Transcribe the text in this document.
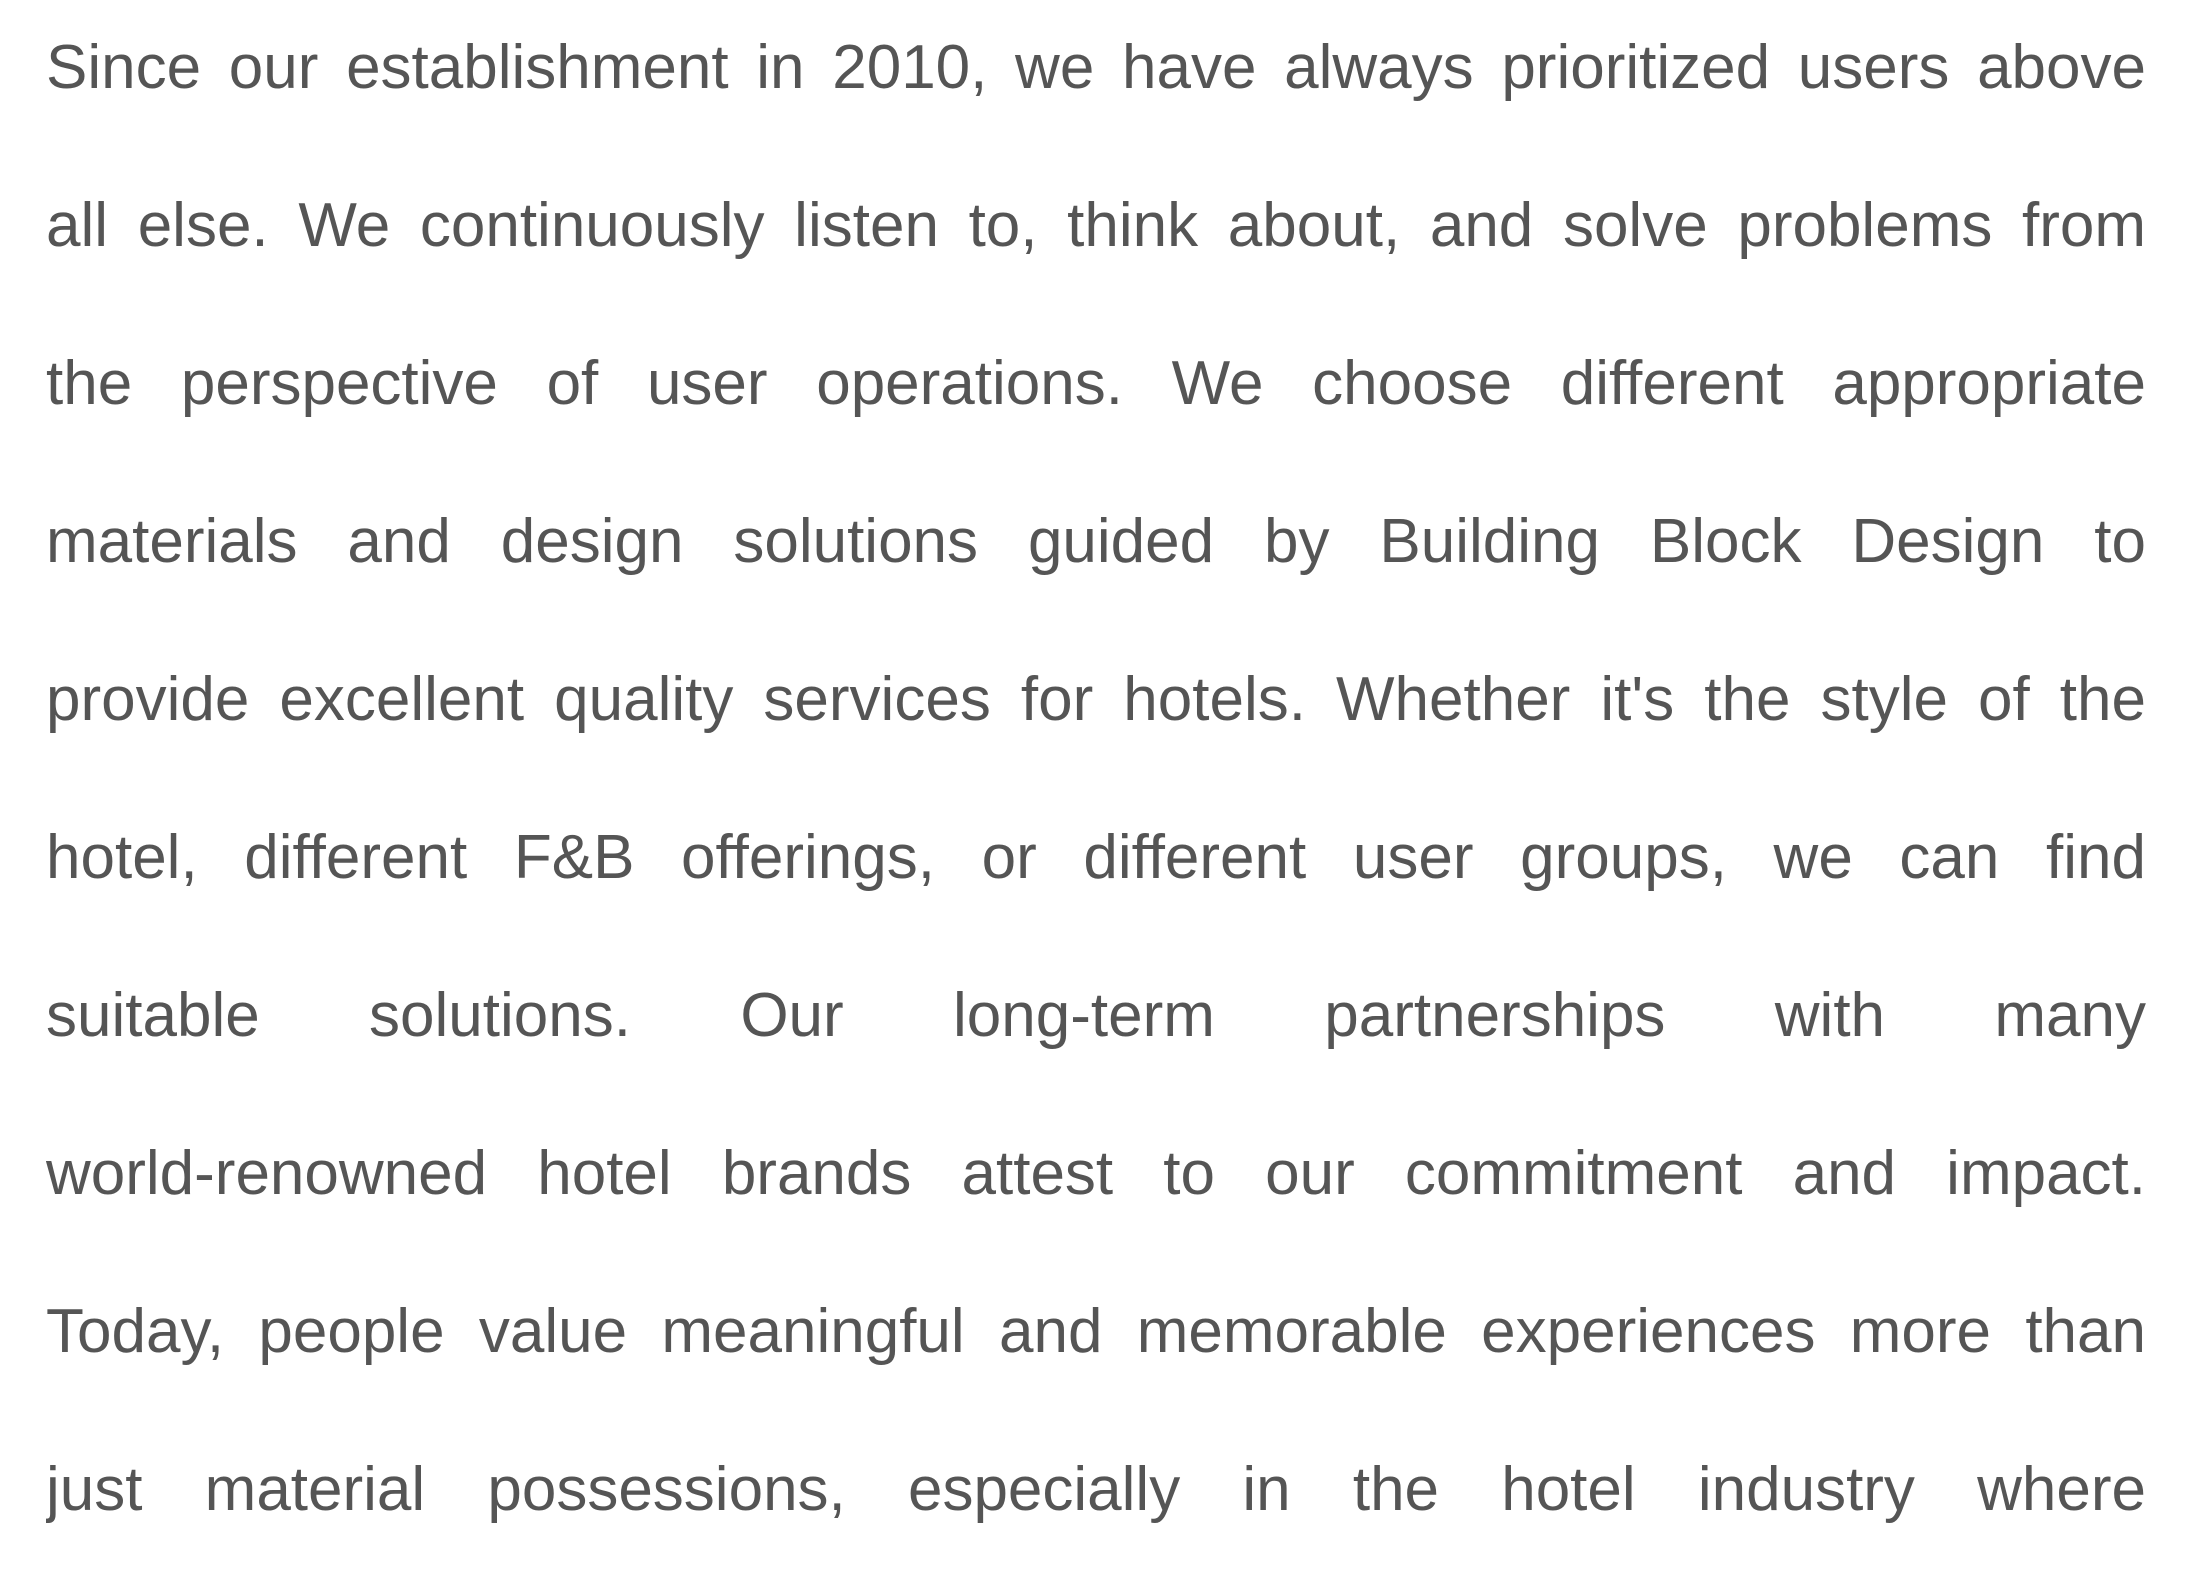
Since our establishment in 2010, we have always prioritized users above
all else. We continuously listen to, think about, and solve problems from
the perspective of user operations. We choose different appropriate
materials and design solutions guided by Building Block Design to
provide excellent quality services for hotels. Whether it's the style of the
hotel, different F&B offerings, or different user groups, we can find
suitable solutions. Our long-term partnerships with many
world-renowned hotel brands attest to our commitment and impact.
Today, people value meaningful and memorable experiences more than
just material possessions, especially in the hotel industry where
